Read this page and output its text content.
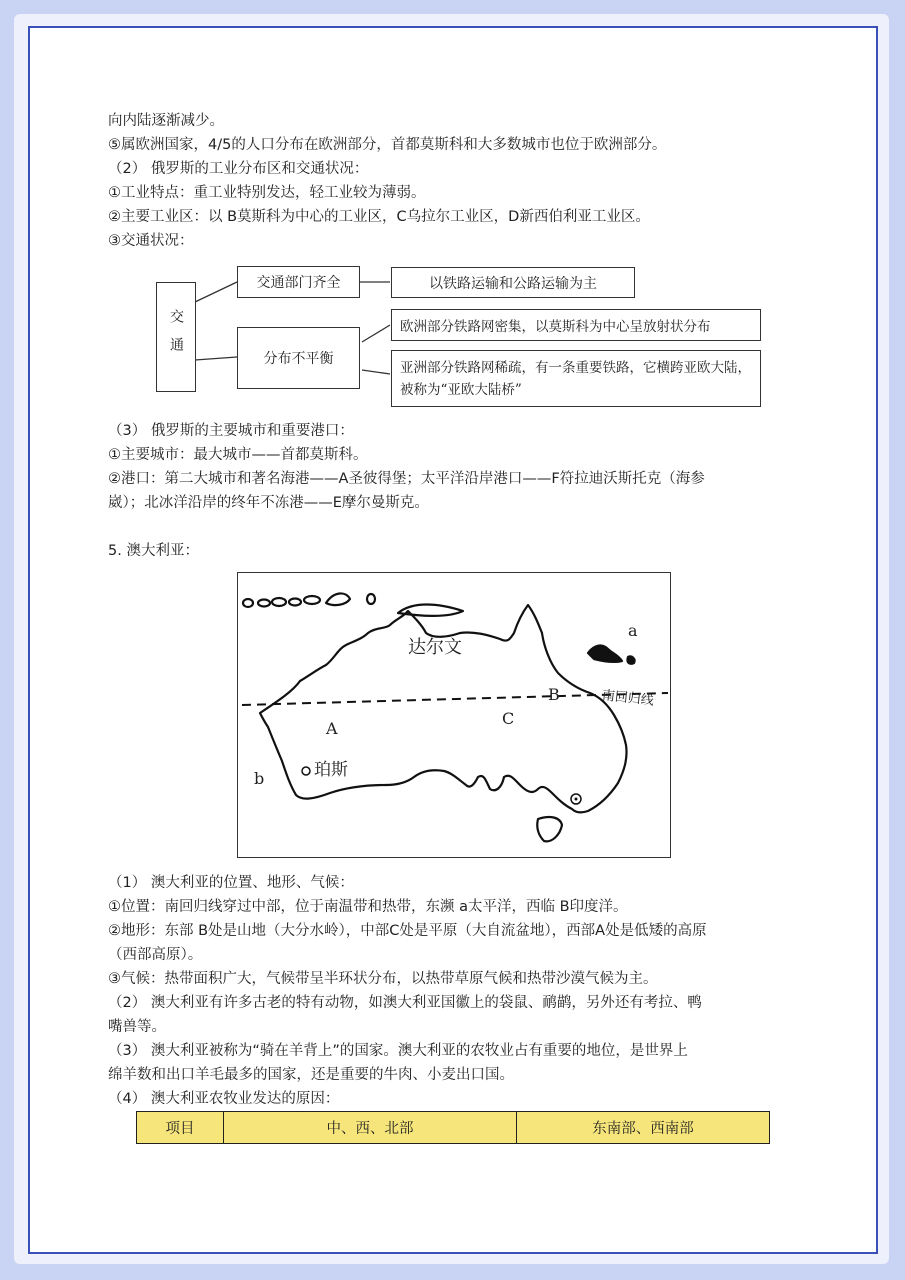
向内陆逐渐减少。
⑤属欧洲国家，4/5的人口分布在欧洲部分，首都莫斯科和大多数城市也位于欧洲部分。
（2） 俄罗斯的工业分布区和交通状况：
①工业特点：重工业特别发达，轻工业较为薄弱。
②主要工业区：以 B莫斯科为中心的工业区，C乌拉尔工业区，D新西伯利亚工业区。
③交通状况：
交通
交通部门齐全	以铁路运输和公路运输为主
分布不平衡
欧洲部分铁路网密集，以莫斯科为中心呈放射状分布
亚洲部分铁路网稀疏，有一条重要铁路，它横跨亚欧大陆，被称为“亚欧大陆桥”
（3） 俄罗斯的主要城市和重要港口：
①主要城市：最大城市——首都莫斯科。
②港口：第二大城市和著名海港——A圣彼得堡；太平洋沿岸港口——F符拉迪沃斯托克（海参
崴）；北冰洋沿岸的终年不冻港——E摩尔曼斯克。
5. 澳大利亚：
达尔文
珀斯
南回归线
A
B
C
a
b
（1） 澳大利亚的位置、地形、气候：
①位置：南回归线穿过中部，位于南温带和热带，东濒 a太平洋，西临 B印度洋。
②地形：东部 B处是山地（大分水岭），中部C处是平原（大自流盆地），西部A处是低矮的高原
（西部高原）。
③气候：热带面积广大，气候带呈半环状分布，以热带草原气候和热带沙漠气候为主。
（2） 澳大利亚有许多古老的特有动物，如澳大利亚国徽上的袋鼠、鸸鹋，另外还有考拉、鸭
嘴兽等。
（3） 澳大利亚被称为“骑在羊背上”的国家。澳大利亚的农牧业占有重要的地位，是世界上
绵羊数和出口羊毛最多的国家，还是重要的牛肉、小麦出口国。
（4） 澳大利亚农牧业发达的原因：
项目	中、西、北部	东南部、西南部
